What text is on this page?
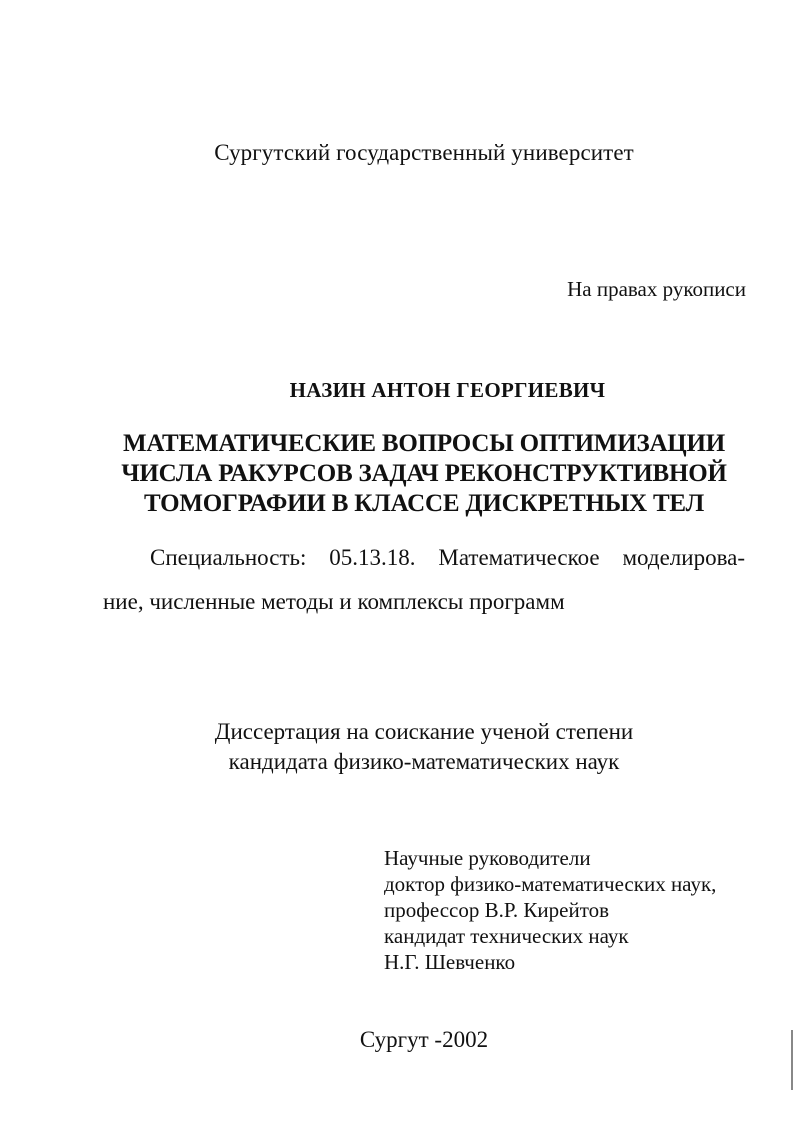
Сургутский государственный университет
На правах рукописи
НАЗИН АНТОН ГЕОРГИЕВИЧ
МАТЕМАТИЧЕСКИЕ ВОПРОСЫ ОПТИМИЗАЦИИ
ЧИСЛА РАКУРСОВ ЗАДАЧ РЕКОНСТРУКТИВНОЙ
ТОМОГРАФИИ В КЛАССЕ ДИСКРЕТНЫХ ТЕЛ
Специальность: 05.13.18. Математическое моделирова-
ние, численные методы и комплексы программ
Диссертация на соискание ученой степени
кандидата физико-математических наук
Научные руководители
доктор физико-математических наук,
профессор В.Р. Кирейтов
кандидат технических наук
Н.Г. Шевченко
Сургут -2002
